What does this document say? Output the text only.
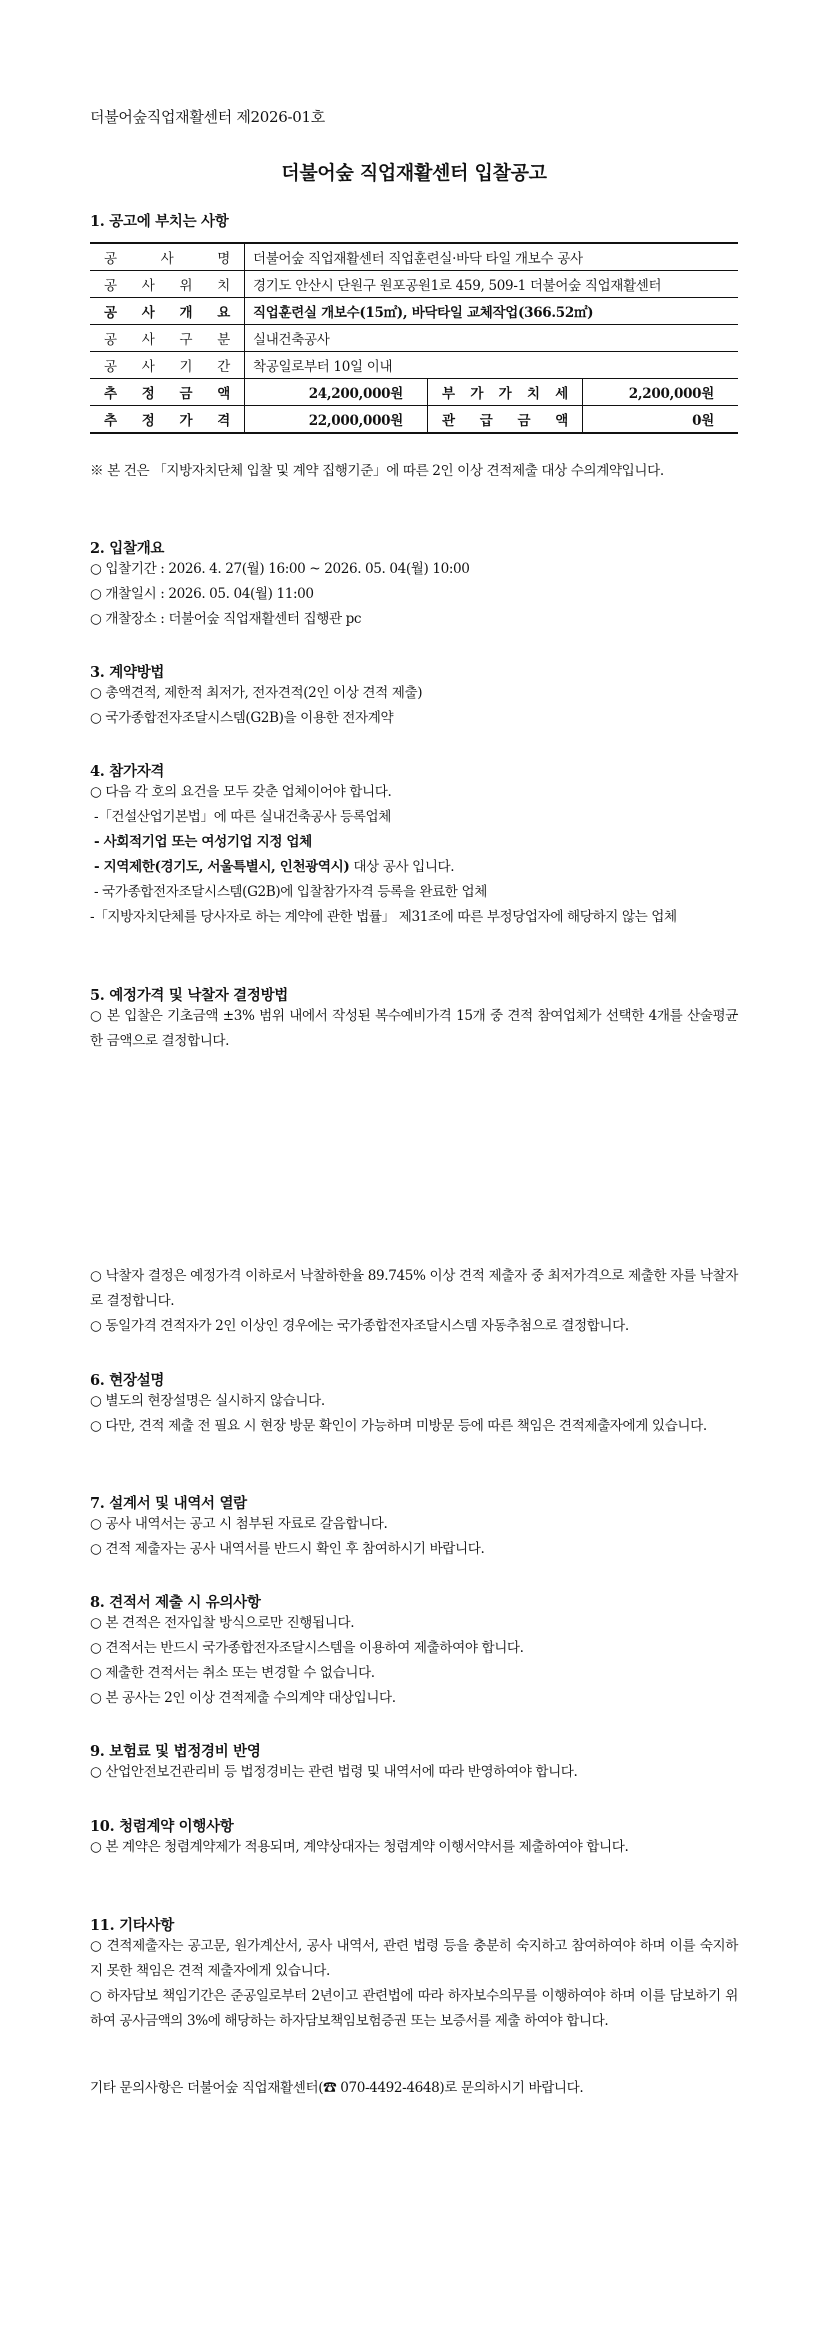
더불어숲직업재활센터 제2026-01호
더불어숲 직업재활센터 입찰공고
1. 공고에 부치는 사항
공 사 명	더불어숲 직업재활센터 직업훈련실·바닥 타일 개보수 공사		
공 사 위 치	경기도 안산시 단원구 원포공원1로 459, 509-1 더불어숲 직업재활센터		
공 사 개 요	직업훈련실 개보수(15㎡), 바닥타일 교체작업(366.52㎡)		
공 사 구 분	실내건축공사		
공 사 기 간	착공일로부터 10일 이내		
추 정 금 액	24,200,000원	부 가 가 치 세	2,200,000원
추 정 가 격	22,000,000원	관 급 금 액	0원
※ 본 건은 「지방자치단체 입찰 및 계약 집행기준」에 따른 2인 이상 견적제출 대상 수의계약입니다.
2. 입찰개요
○ 입찰기간 : 2026. 4. 27(월) 16:00 ~ 2026. 05. 04(월) 10:00
○ 개찰일시 : 2026. 05. 04(월) 11:00
○ 개찰장소 : 더불어숲 직업재활센터 집행관 pc
3. 계약방법
○ 총액견적, 제한적 최저가, 전자견적(2인 이상 견적 제출)
○ 국가종합전자조달시스템(G2B)을 이용한 전자계약
4. 참가자격
○ 다음 각 호의 요건을 모두 갖춘 업체이어야 합니다.
-「건설산업기본법」에 따른 실내건축공사 등록업체
- 사회적기업 또는 여성기업 지정 업체
- 지역제한(경기도, 서울특별시, 인천광역시) 대상 공사 입니다.
- 국가종합전자조달시스템(G2B)에 입찰참가자격 등록을 완료한 업체
-「지방자치단체를 당사자로 하는 계약에 관한 법률」 제31조에 따른 부정당업자에 해당하지 않는 업체
5. 예정가격 및 낙찰자 결정방법
○ 본 입찰은 기초금액 ±3% 범위 내에서 작성된 복수예비가격 15개 중 견적 참여업체가 선택한 4개를 산술평균한 금액으로 결정합니다.
○ 낙찰자 결정은 예정가격 이하로서 낙찰하한율 89.745% 이상 견적 제출자 중 최저가격으로 제출한 자를 낙찰자로 결정합니다.
○ 동일가격 견적자가 2인 이상인 경우에는 국가종합전자조달시스템 자동추첨으로 결정합니다.
6. 현장설명
○ 별도의 현장설명은 실시하지 않습니다.
○ 다만, 견적 제출 전 필요 시 현장 방문 확인이 가능하며 미방문 등에 따른 책임은 견적제출자에게 있습니다.
7. 설계서 및 내역서 열람
○ 공사 내역서는 공고 시 첨부된 자료로 갈음합니다.
○ 견적 제출자는 공사 내역서를 반드시 확인 후 참여하시기 바랍니다.
8. 견적서 제출 시 유의사항
○ 본 견적은 전자입찰 방식으로만 진행됩니다.
○ 견적서는 반드시 국가종합전자조달시스템을 이용하여 제출하여야 합니다.
○ 제출한 견적서는 취소 또는 변경할 수 없습니다.
○ 본 공사는 2인 이상 견적제출 수의계약 대상입니다.
9. 보험료 및 법정경비 반영
○ 산업안전보건관리비 등 법정경비는 관련 법령 및 내역서에 따라 반영하여야 합니다.
10. 청렴계약 이행사항
○ 본 계약은 청렴계약제가 적용되며, 계약상대자는 청렴계약 이행서약서를 제출하여야 합니다.
11. 기타사항
○ 견적제출자는 공고문, 원가계산서, 공사 내역서, 관련 법령 등을 충분히 숙지하고 참여하여야 하며 이를 숙지하지 못한 책임은 견적 제출자에게 있습니다.
○ 하자담보 책임기간은 준공일로부터 2년이고 관련법에 따라 하자보수의무를 이행하여야 하며 이를 담보하기 위하여 공사금액의 3%에 해당하는 하자담보책임보험증권 또는 보증서를 제출 하여야 합니다.
기타 문의사항은 더불어숲 직업재활센터(☎ 070-4492-4648)로 문의하시기 바랍니다.
